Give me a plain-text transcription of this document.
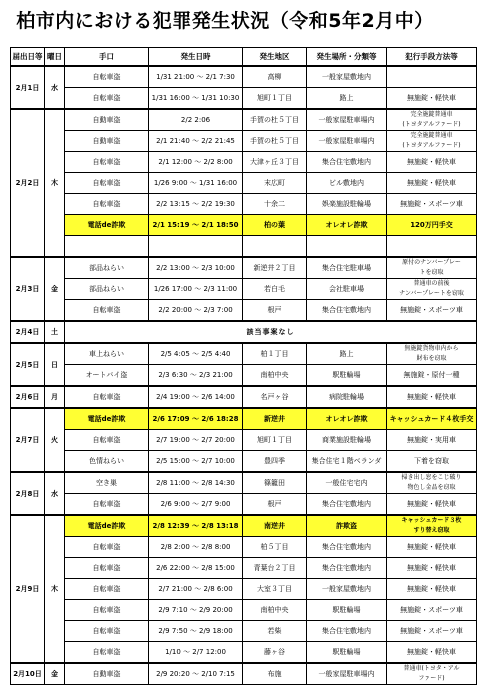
柏市内における犯罪発生状況（令和5年2月中）
届出日等	曜日	手口	発生日時	発生地区	発生場所・分類等	犯行手段方法等
2月1日	水	自転車盗	1/31 21:00 ～ 2/1 7:30	高柳	一般家屋敷地内	
		自転車盗	1/31 16:00 ～ 1/31 10:30	旭町１丁目	路上	無施錠・軽快車
2月2日	木	自動車盗	2/2 2:06	手賀の杜５丁目	一般家屋駐車場内	完全施錠普通車
(トヨタアルファード)
		自動車盗	2/1 21:40 ～ 2/2 21:45	手賀の杜５丁目	一般家屋駐車場内	完全施錠普通車
(トヨタアルファード)
		自転車盗	2/1 12:00 ～ 2/2 8:00	大津ヶ丘３丁目	集合住宅敷地内	無施錠・軽快車
		自転車盗	1/26 9:00 ～ 1/31 16:00	末広町	ビル敷地内	無施錠・軽快車
		自転車盗	2/2 13:15 ～ 2/2 19:30	十余二	娯楽施設駐輪場	無施錠・スポーツ車
		電話de詐欺	2/1 15:19 ～ 2/1 18:50	柏の葉	オレオレ詐欺	120万円手交

2月3日	金	部品ねらい	2/2 13:00 ～ 2/3 10:00	新逆井２丁目	集合住宅駐車場	原付のナンバープレー
トを窃取
		部品ねらい	1/26 17:00 ～ 2/3 11:00	若白毛	会社駐車場	普通車の前後
ナンバープレートを窃取
		自転車盗	2/2 20:00 ～ 2/3 7:00	根戸	集合住宅敷地内	無施錠・スポーツ車
2月4日	土	該当事案なし				
2月5日	日	車上ねらい	2/5 4:05 ～ 2/5 4:40	柏１丁目	路上	無施錠貨物車内から
財布を窃取
		オートバイ盗	2/3 6:30 ～ 2/3 21:00	南柏中央	駅駐輪場	無施錠・原付一種
2月6日	月	自転車盗	2/4 19:00 ～ 2/6 14:00	名戸ヶ谷	病院駐輪場	無施錠・軽快車
2月7日	火	電話de詐欺	2/6 17:09 ～ 2/6 18:28	新逆井	オレオレ詐欺	キャッシュカード４枚手交
		自転車盗	2/7 19:00 ～ 2/7 20:00	旭町１丁目	商業施設駐輪場	無施錠・実用車
		色情ねらい	2/5 15:00 ～ 2/7 10:00	豊四季	集合住宅１階ベランダ	下着を窃取
2月8日	水	空き巣	2/8 11:00 ～ 2/8 14:30	篠籠田	一般住宅宅内	掃き出し窓をこじ破り
物色し金品を窃取
		自転車盗	2/6 9:00 ～ 2/7 9:00	根戸	集合住宅敷地内	無施錠・軽快車
2月9日	木	電話de詐欺	2/8 12:39 ～ 2/8 13:18	南逆井	詐欺盗	キャッシュカード３枚
すり替え窃取
		自転車盗	2/8 2:00 ～ 2/8 8:00	柏５丁目	集合住宅敷地内	無施錠・軽快車
		自転車盗	2/6 22:00 ～ 2/8 15:00	青葉台２丁目	集合住宅敷地内	無施錠・軽快車
		自転車盗	2/7 21:00 ～ 2/8 6:00	大室３丁目	一般家屋敷地内	無施錠・軽快車
		自転車盗	2/9 7:10 ～ 2/9 20:00	南柏中央	駅駐輪場	無施錠・スポーツ車
		自転車盗	2/9 7:50 ～ 2/9 18:00	若柴	集合住宅敷地内	無施錠・スポーツ車
		自転車盗	1/10 ～ 2/7 12:00	藤ヶ谷	駅駐輪場	無施錠・軽快車
2月10日	金	自動車盗	2/9 20:20 ～ 2/10 7:15	布施	一般家屋駐車場内	普通車(トヨタ・アル
ファード)
